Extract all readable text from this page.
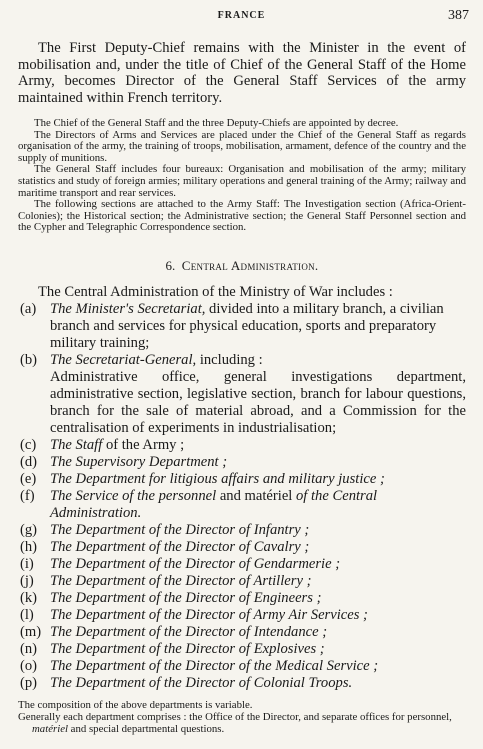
FRANCE	387

The First Deputy-Chief remains with the Minister in the event of mobilisation and, under the title of Chief of the General Staff of the Home Army, becomes Director of the General Staff Services of the army maintained within French territory.

The Chief of the General Staff and the three Deputy-Chiefs are appointed by decree.

The Directors of Arms and Services are placed under the Chief of the General Staff as regards organisation of the army, the training of troops, mobilisation, armament, defence of the country and the supply of munitions.

The General Staff includes four bureaux: Organisation and mobilisation of the army; military statistics and study of foreign armies; military operations and general training of the Army; railway and maritime transport and rear services.

The following sections are attached to the Army Staff: The Investigation section (Africa-Orient-Colonies); the Historical section; the Administrative section; the General Staff Personnel section and the Cypher and Telegraphic Correspondence section.

6. Central Administration.

The Central Administration of the Ministry of War includes :

(a) The Minister's Secretariat, divided into a military branch, a civilian branch and services for physical education, sports and preparatory military training;
(b) The Secretariat-General, including :
Administrative office, general investigations department, administrative section, legislative section, branch for labour questions, branch for the sale of material abroad, and a Commission for the centralisation of experiments in industrialisation;
(c) The Staff of the Army ;
(d) The Supervisory Department ;
(e) The Department for litigious affairs and military justice ;
(f) The Service of the personnel and matériel of the Central Administration.
(g) The Department of the Director of Infantry ;
(h) The Department of the Director of Cavalry ;
(i) The Department of the Director of Gendarmerie ;
(j) The Department of the Director of Artillery ;
(k) The Department of the Director of Engineers ;
(l) The Department of the Director of Army Air Services ;
(m) The Department of the Director of Intendance ;
(n) The Department of the Director of Explosives ;
(o) The Department of the Director of the Medical Service ;
(p) The Department of the Director of Colonial Troops.

The composition of the above departments is variable.

Generally each department comprises : the Office of the Director, and separate offices for personnel, matériel and special departmental questions.
